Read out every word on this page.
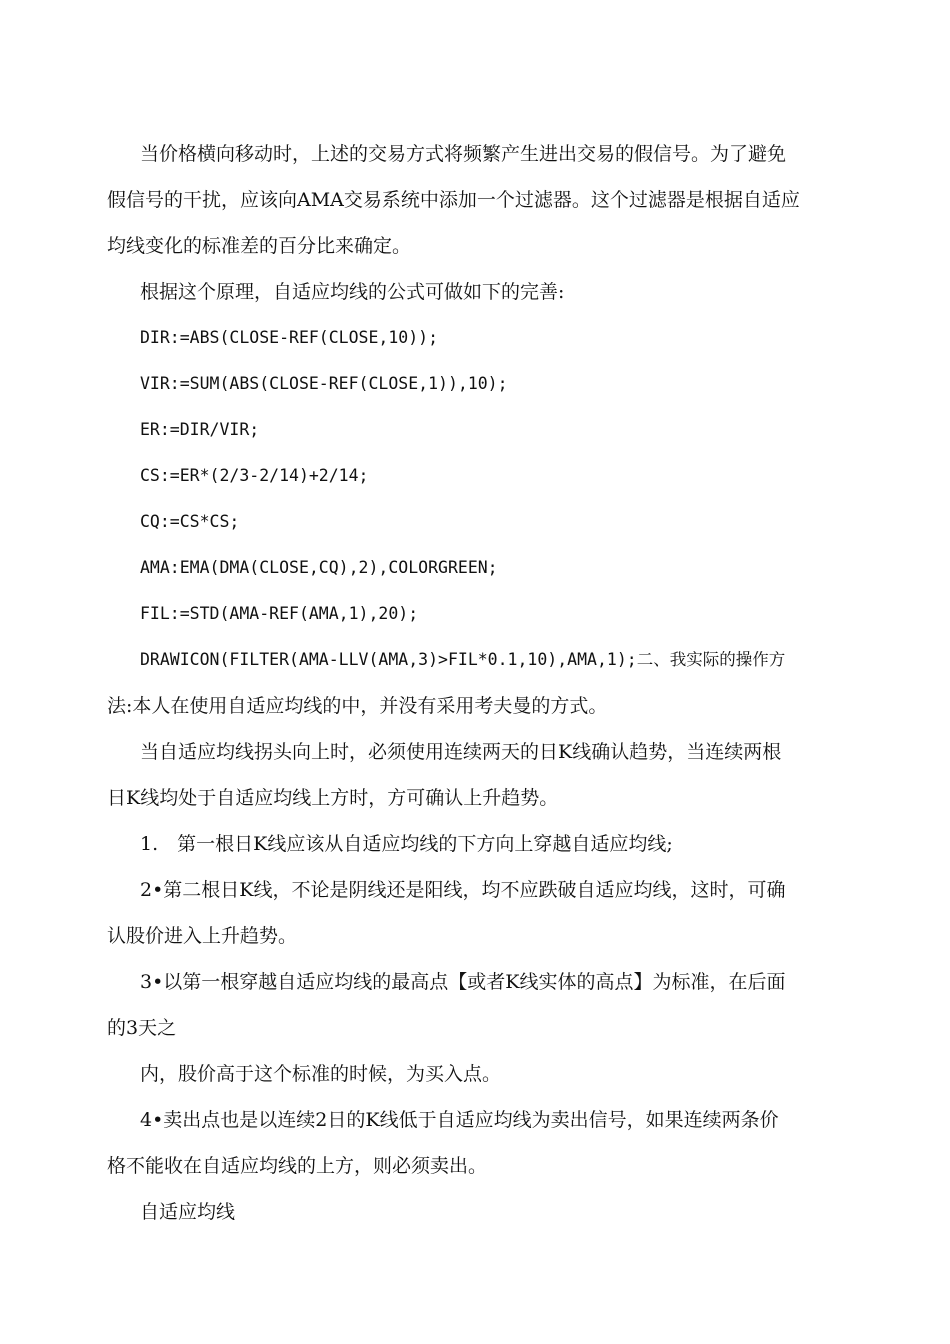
当价格横向移动时，上述的交易方式将频繁产生进出交易的假信号。为了避免

假信号的干扰，应该向AMA交易系统中添加一个过滤器。这个过滤器是根据自适应

均线变化的标准差的百分比来确定。

根据这个原理，自适应均线的公式可做如下的完善:

DIR:=ABS(CLOSE-REF(CLOSE,10));

VIR:=SUM(ABS(CLOSE-REF(CLOSE,1)),10);

ER:=DIR/VIR;

CS:=ER*(2/3-2/14)+2/14;

CQ:=CS*CS;

AMA:EMA(DMA(CLOSE,CQ),2),COLORGREEN;

FIL:=STD(AMA-REF(AMA,1),20);

DRAWICON(FILTER(AMA-LLV(AMA,3)>FIL*0.1,10),AMA,1);二、我实际的操作方

法:本人在使用自适应均线的中，并没有采用考夫曼的方式。

当自适应均线拐头向上时，必须使用连续两天的日K线确认趋势，当连续两根

日K线均处于自适应均线上方时，方可确认上升趋势。

1.　第一根日K线应该从自适应均线的下方向上穿越自适应均线;

2•第二根日K线，不论是阴线还是阳线，均不应跌破自适应均线，这时，可确

认股价进入上升趋势。

3•以第一根穿越自适应均线的最高点【或者K线实体的高点】为标准，在后面

的3天之

内，股价高于这个标准的时候，为买入点。

4•卖出点也是以连续2日的K线低于自适应均线为卖出信号，如果连续两条价

格不能收在自适应均线的上方，则必须卖出。

自适应均线
